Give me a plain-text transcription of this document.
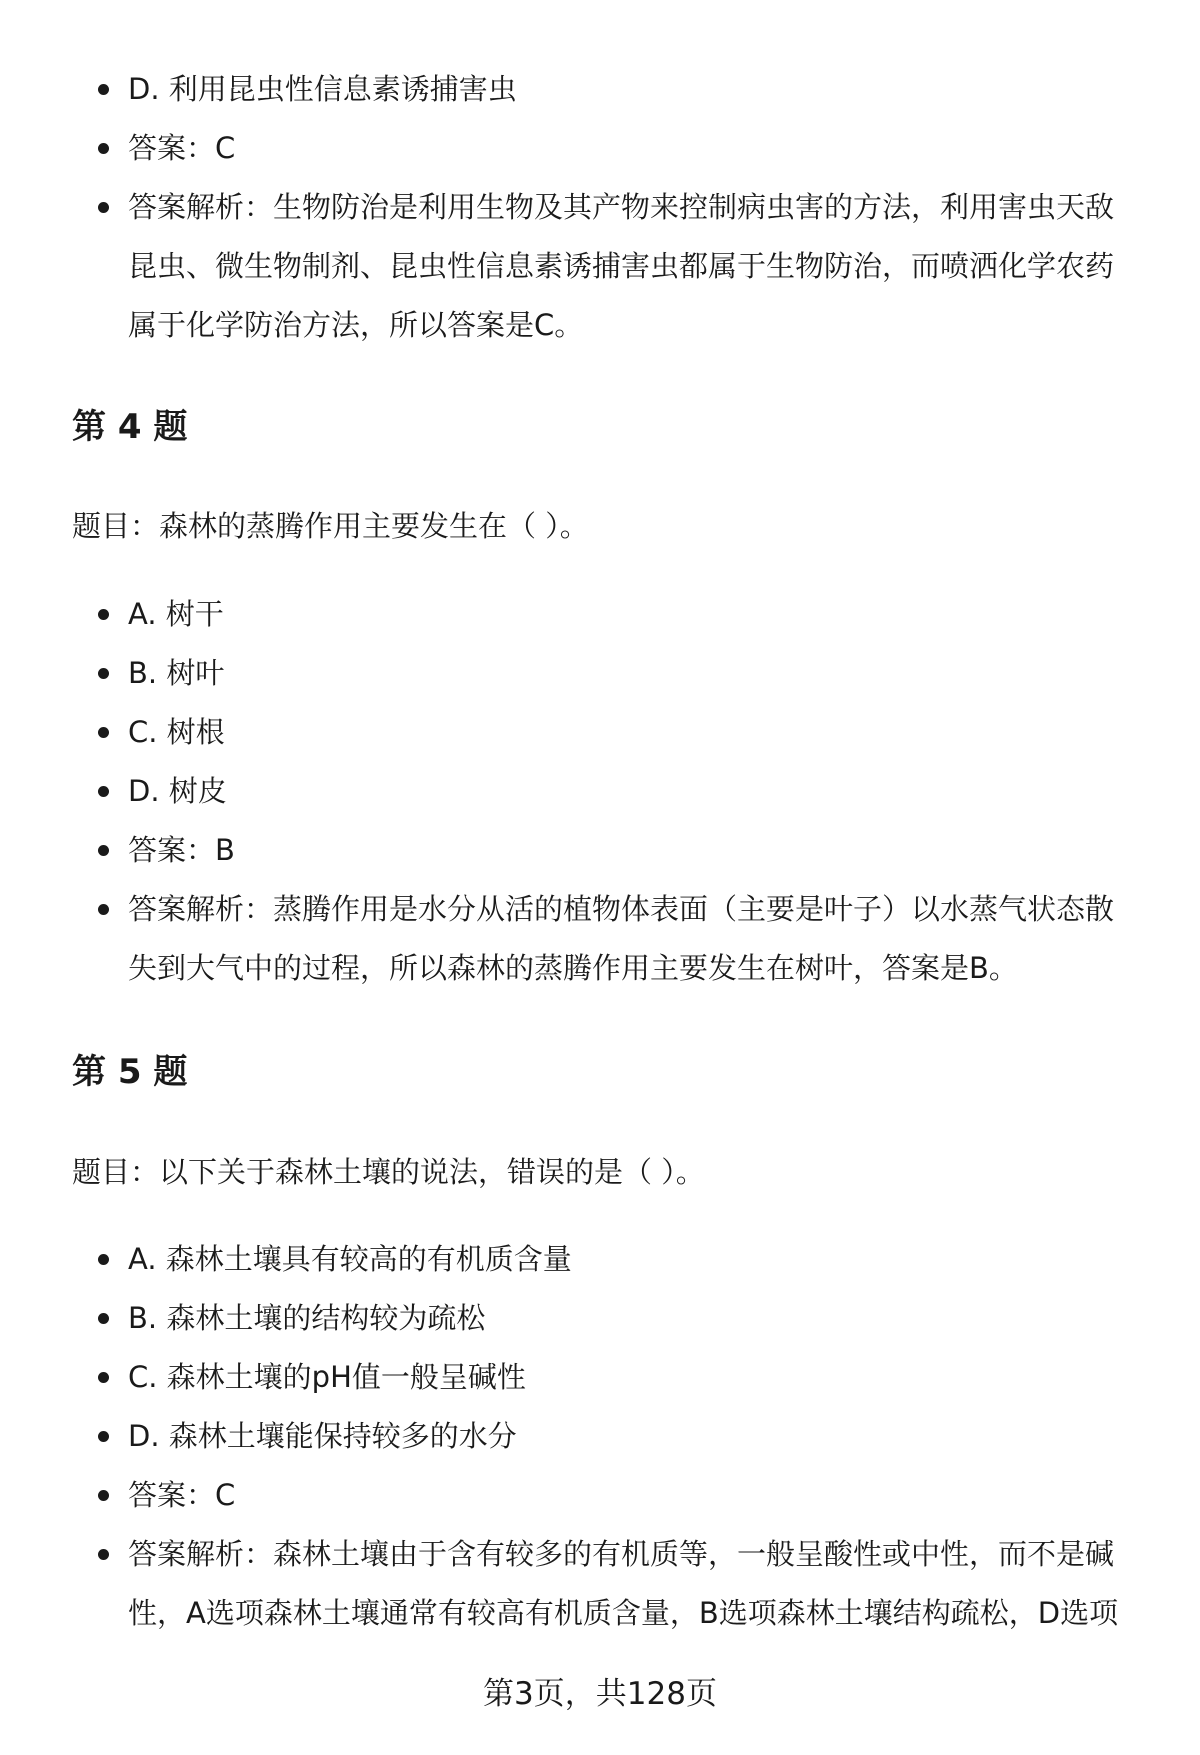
D. 利用昆虫性信息素诱捕害虫
答案：C
答案解析：生物防治是利用生物及其产物来控制病虫害的方法，利用害虫天敌昆虫、微生物制剂、昆虫性信息素诱捕害虫都属于生物防治，而喷洒化学农药属于化学防治方法，所以答案是C。
第 4 题

题目：森林的蒸腾作用主要发生在（ ）。

A. 树干
B. 树叶
C. 树根
D. 树皮
答案：B
答案解析：蒸腾作用是水分从活的植物体表面（主要是叶子）以水蒸气状态散失到大气中的过程，所以森林的蒸腾作用主要发生在树叶，答案是B。
第 5 题

题目：以下关于森林土壤的说法，错误的是（ ）。

A. 森林土壤具有较高的有机质含量
B. 森林土壤的结构较为疏松
C. 森林土壤的pH值一般呈碱性
D. 森林土壤能保持较多的水分
答案：C
答案解析：森林土壤由于含有较多的有机质等，一般呈酸性或中性，而不是碱性，A选项森林土壤通常有较高有机质含量，B选项森林土壤结构疏松，D选项
第3页，共128页
